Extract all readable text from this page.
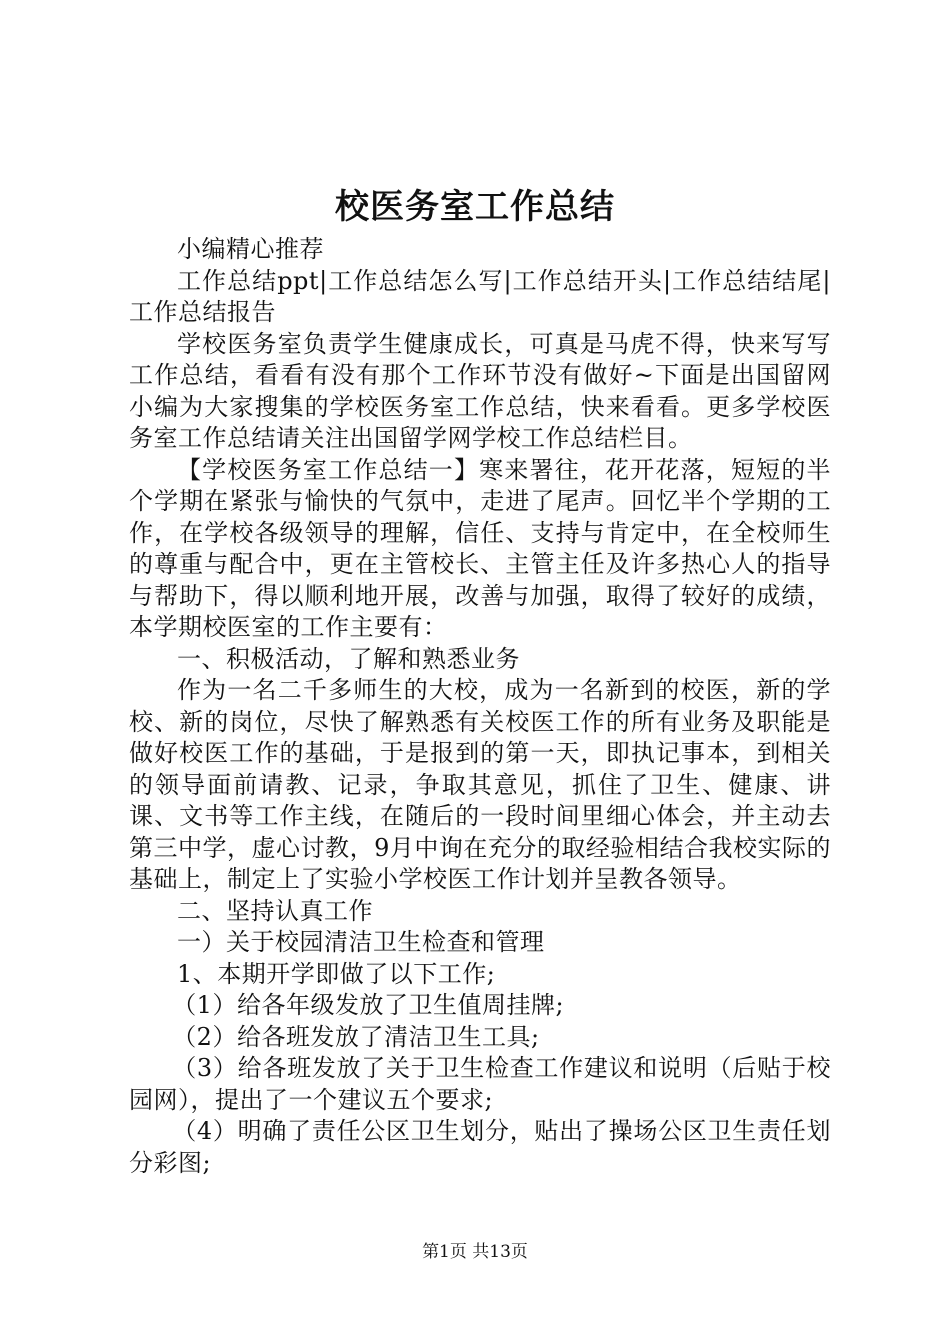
校医务室工作总结

小编精心推荐

工作总结ppt|工作总结怎么写|工作总结开头|工作总结结尾|工作总结报告

学校医务室负责学生健康成长，可真是马虎不得，快来写写工作总结，看看有没有那个工作环节没有做好~下面是出国留网小编为大家搜集的学校医务室工作总结，快来看看。更多学校医务室工作总结请关注出国留学网学校工作总结栏目。

【学校医务室工作总结一】寒来署往，花开花落，短短的半个学期在紧张与愉快的气氛中，走进了尾声。回忆半个学期的工作，在学校各级领导的理解，信任、支持与肯定中，在全校师生的尊重与配合中，更在主管校长、主管主任及许多热心人的指导与帮助下，得以顺利地开展，改善与加强，取得了较好的成绩，本学期校医室的工作主要有：

一、积极活动，了解和熟悉业务

作为一名二千多师生的大校，成为一名新到的校医，新的学校、新的岗位，尽快了解熟悉有关校医工作的所有业务及职能是做好校医工作的基础，于是报到的第一天，即执记事本，到相关的领导面前请教、记录，争取其意见，抓住了卫生、健康、讲课、文书等工作主线，在随后的一段时间里细心体会，并主动去第三中学，虚心讨教，9月中询在充分的取经验相结合我校实际的基础上，制定上了实验小学校医工作计划并呈教各领导。

二、坚持认真工作

一）关于校园清洁卫生检查和管理

1、本期开学即做了以下工作;

（1）给各年级发放了卫生值周挂牌;

（2）给各班发放了清洁卫生工具;

（3）给各班发放了关于卫生检查工作建议和说明（后贴于校园网），提出了一个建议五个要求;

（4）明确了责任公区卫生划分，贴出了操场公区卫生责任划分彩图;

第1页 共13页
